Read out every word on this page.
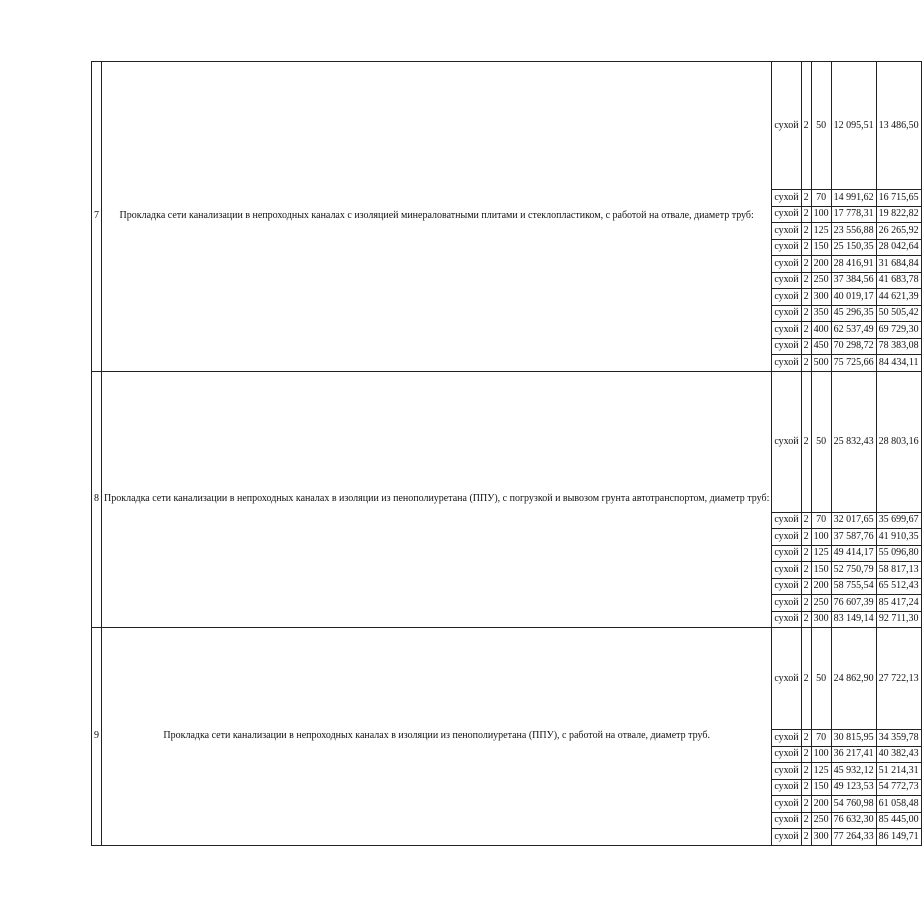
7	Прокладка сети канализации в непроходных каналах с изоляцией минераловатными плитами и стеклопластиком, с работой на отвале, диаметр труб:	сухой	2	50	12 095,51	13 486,50
		сухой	2	70	14 991,62	16 715,65
		сухой	2	100	17 778,31	19 822,82
		сухой	2	125	23 556,88	26 265,92
		сухой	2	150	25 150,35	28 042,64
		сухой	2	200	28 416,91	31 684,84
		сухой	2	250	37 384,56	41 683,78
		сухой	2	300	40 019,17	44 621,39
		сухой	2	350	45 296,35	50 505,42
		сухой	2	400	62 537,49	69 729,30
		сухой	2	450	70 298,72	78 383,08
		сухой	2	500	75 725,66	84 434,11
8	Прокладка сети канализации в непроходных каналах в изоляции из пенополиуретана (ППУ), с погрузкой и вывозом грунта автотранспортом, диаметр труб:	сухой	2	50	25 832,43	28 803,16
		сухой	2	70	32 017,65	35 699,67
		сухой	2	100	37 587,76	41 910,35
		сухой	2	125	49 414,17	55 096,80
		сухой	2	150	52 750,79	58 817,13
		сухой	2	200	58 755,54	65 512,43
		сухой	2	250	76 607,39	85 417,24
		сухой	2	300	83 149,14	92 711,30
9	Прокладка сети канализации в непроходных каналах в изоляции из пенополиуретана (ППУ), с работой на отвале, диаметр труб.	сухой	2	50	24 862,90	27 722,13
		сухой	2	70	30 815,95	34 359,78
		сухой	2	100	36 217,41	40 382,43
		сухой	2	125	45 932,12	51 214,31
		сухой	2	150	49 123,53	54 772,73
		сухой	2	200	54 760,98	61 058,48
		сухой	2	250	76 632,30	85 445,00
		сухой	2	300	77 264,33	86 149,71
